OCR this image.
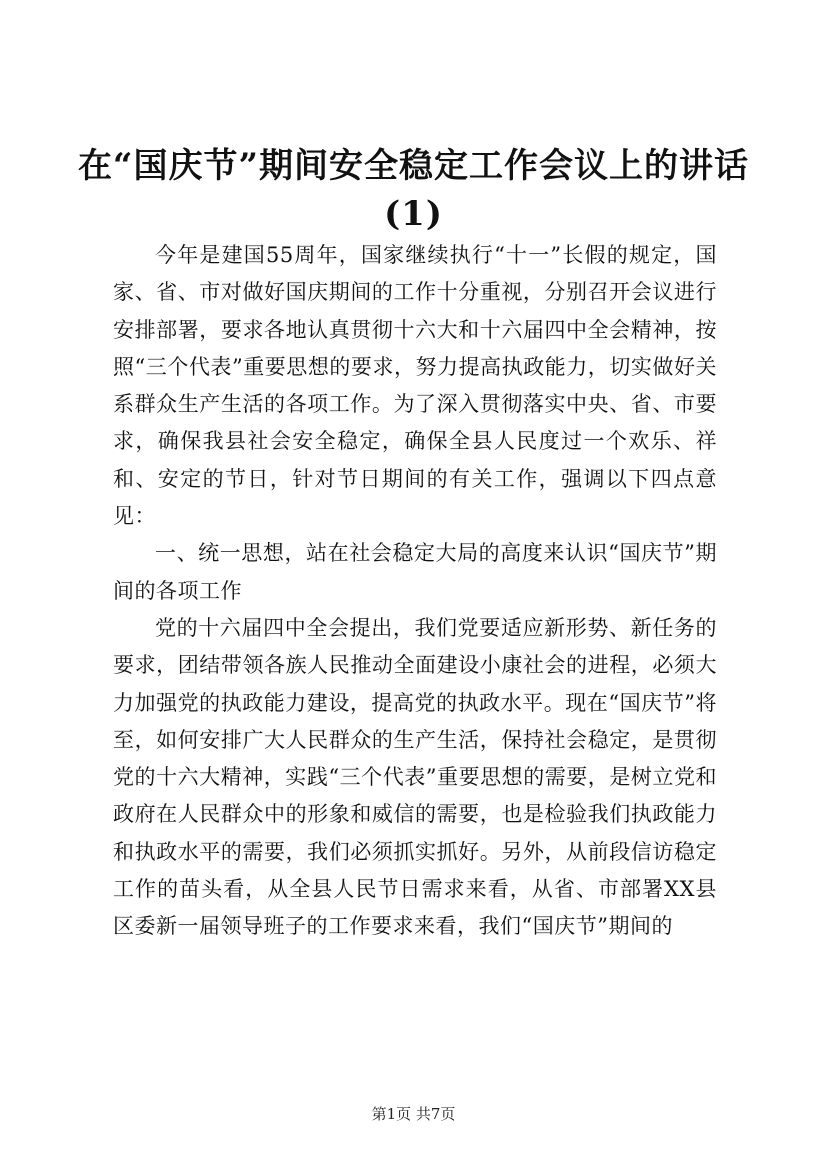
在“国庆节”期间安全稳定工作会议上的讲话(1)

今年是建国55周年，国家继续执行“十一”长假的规定，国家、省、市对做好国庆期间的工作十分重视，分别召开会议进行安排部署，要求各地认真贯彻十六大和十六届四中全会精神，按照“三个代表”重要思想的要求，努力提高执政能力，切实做好关系群众生产生活的各项工作。为了深入贯彻落实中央、省、市要求，确保我县社会安全稳定，确保全县人民度过一个欢乐、祥和、安定的节日，针对节日期间的有关工作，强调以下四点意见：

一、统一思想，站在社会稳定大局的高度来认识“国庆节”期间的各项工作

党的十六届四中全会提出，我们党要适应新形势、新任务的要求，团结带领各族人民推动全面建设小康社会的进程，必须大力加强党的执政能力建设，提高党的执政水平。现在“国庆节”将至，如何安排广大人民群众的生产生活，保持社会稳定，是贯彻党的十六大精神，实践“三个代表”重要思想的需要，是树立党和政府在人民群众中的形象和威信的需要，也是检验我们执政能力和执政水平的需要，我们必须抓实抓好。另外，从前段信访稳定工作的苗头看，从全县人民节日需求来看，从省、市部署XX县区委新一届领导班子的工作要求来看，我们“国庆节”期间的

第1页 共7页
